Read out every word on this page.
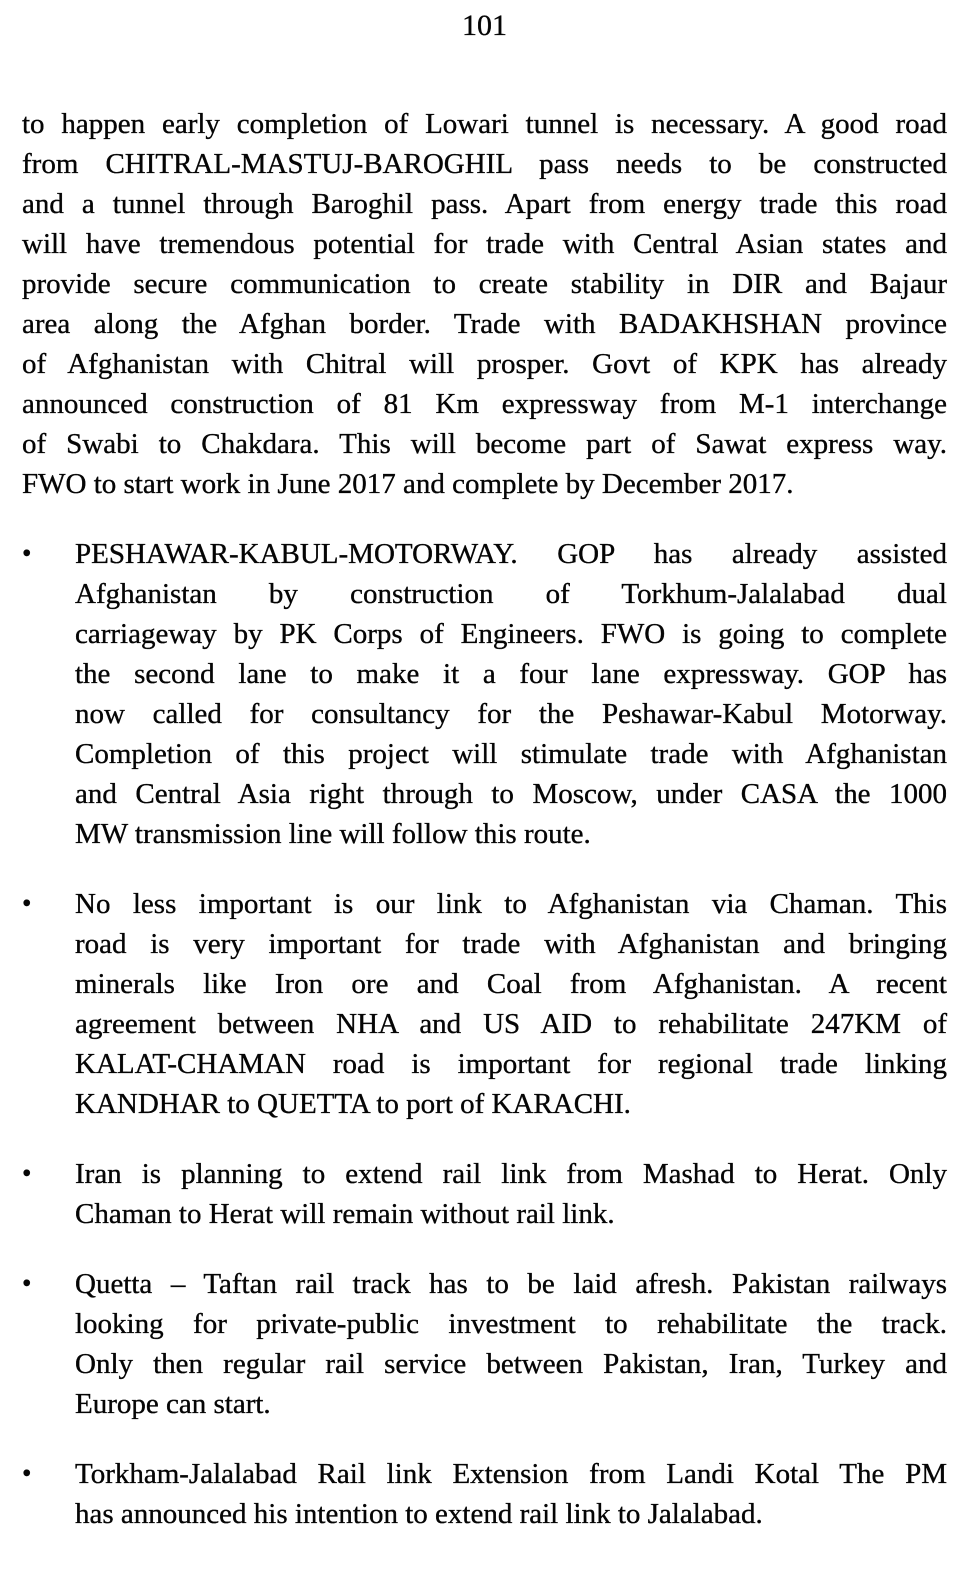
101
to happen early completion of Lowari tunnel is necessary. A good road
from CHITRAL-MASTUJ-BAROGHIL pass needs to be constructed
and a tunnel through Baroghil pass. Apart from energy trade this road
will have tremendous potential for trade with Central Asian states and
provide secure communication to create stability in DIR and Bajaur
area along the Afghan border. Trade with BADAKHSHAN province
of Afghanistan with Chitral will prosper. Govt of KPK has already
announced construction of 81 Km expressway from M-1 interchange
of Swabi to Chakdara. This will become part of Sawat express way.
FWO to start work in June 2017 and complete by December 2017.
•	PESHAWAR-KABUL-MOTORWAY. GOP has already assisted
Afghanistan by construction of Torkhum-Jalalabad dual
carriageway by PK Corps of Engineers. FWO is going to complete
the second lane to make it a four lane expressway. GOP has
now called for consultancy for the Peshawar-Kabul Motorway.
Completion of this project will stimulate trade with Afghanistan
and Central Asia right through to Moscow, under CASA the 1000
MW transmission line will follow this route.
•	No less important is our link to Afghanistan via Chaman. This
road is very important for trade with Afghanistan and bringing
minerals like Iron ore and Coal from Afghanistan. A recent
agreement between NHA and US AID to rehabilitate 247KM of
KALAT-CHAMAN road is important for regional trade linking
KANDHAR to QUETTA to port of KARACHI.
•	Iran is planning to extend rail link from Mashad to Herat. Only
Chaman to Herat will remain without rail link.
•	Quetta – Taftan rail track has to be laid afresh. Pakistan railways
looking for private-public investment to rehabilitate the track.
Only then regular rail service between Pakistan, Iran, Turkey and
Europe can start.
•	Torkham-Jalalabad Rail link Extension from Landi Kotal The PM
has announced his intention to extend rail link to Jalalabad.
